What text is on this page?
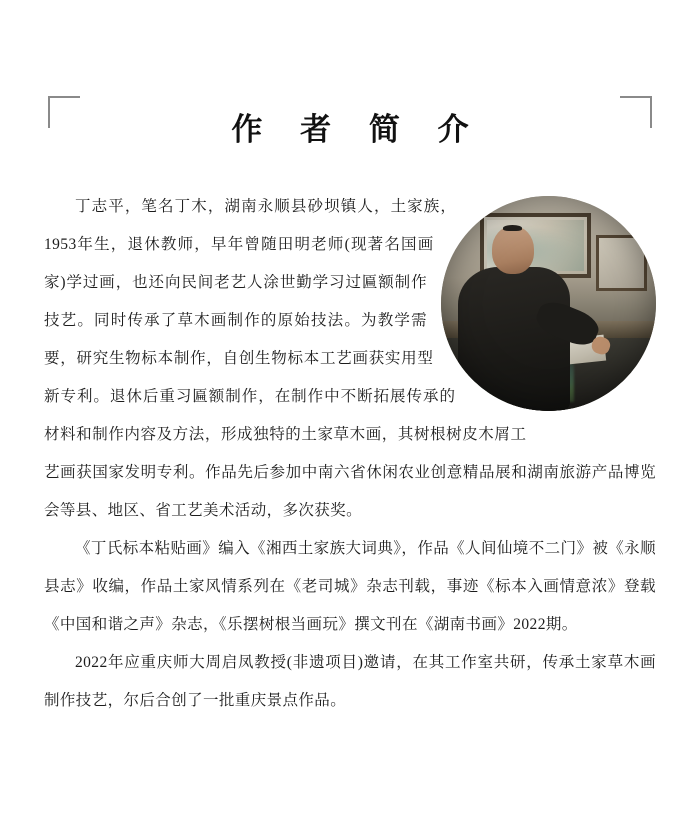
作 者 简 介

丁志平，笔名丁木，湖南永顺县砂坝镇人，土家族，1953年生，退休教师，早年曾随田明老师(现著名国画家)学过画，也还向民间老艺人涂世勤学习过匾额制作技艺。同时传承了草木画制作的原始技法。为教学需要，研究生物标本制作，自创生物标本工艺画获实用型新专利。退休后重习匾额制作，在制作中不断拓展传承的材料和制作内容及方法，形成独特的土家草木画，其树根树皮木屑工艺画获国家发明专利。作品先后参加中南六省休闲农业创意精品展和湖南旅游产品博览会等县、地区、省工艺美术活动，多次获奖。

《丁氏标本粘贴画》编入《湘西土家族大词典》，作品《人间仙境不二门》被《永顺县志》收编，作品土家风情系列在《老司城》杂志刊载，事迹《标本入画情意浓》登载《中国和谐之声》杂志，《乐摆树根当画玩》撰文刊在《湖南书画》2022期。

2022年应重庆师大周启凤教授(非遗项目)邀请，在其工作室共研，传承土家草木画制作技艺，尔后合创了一批重庆景点作品。
